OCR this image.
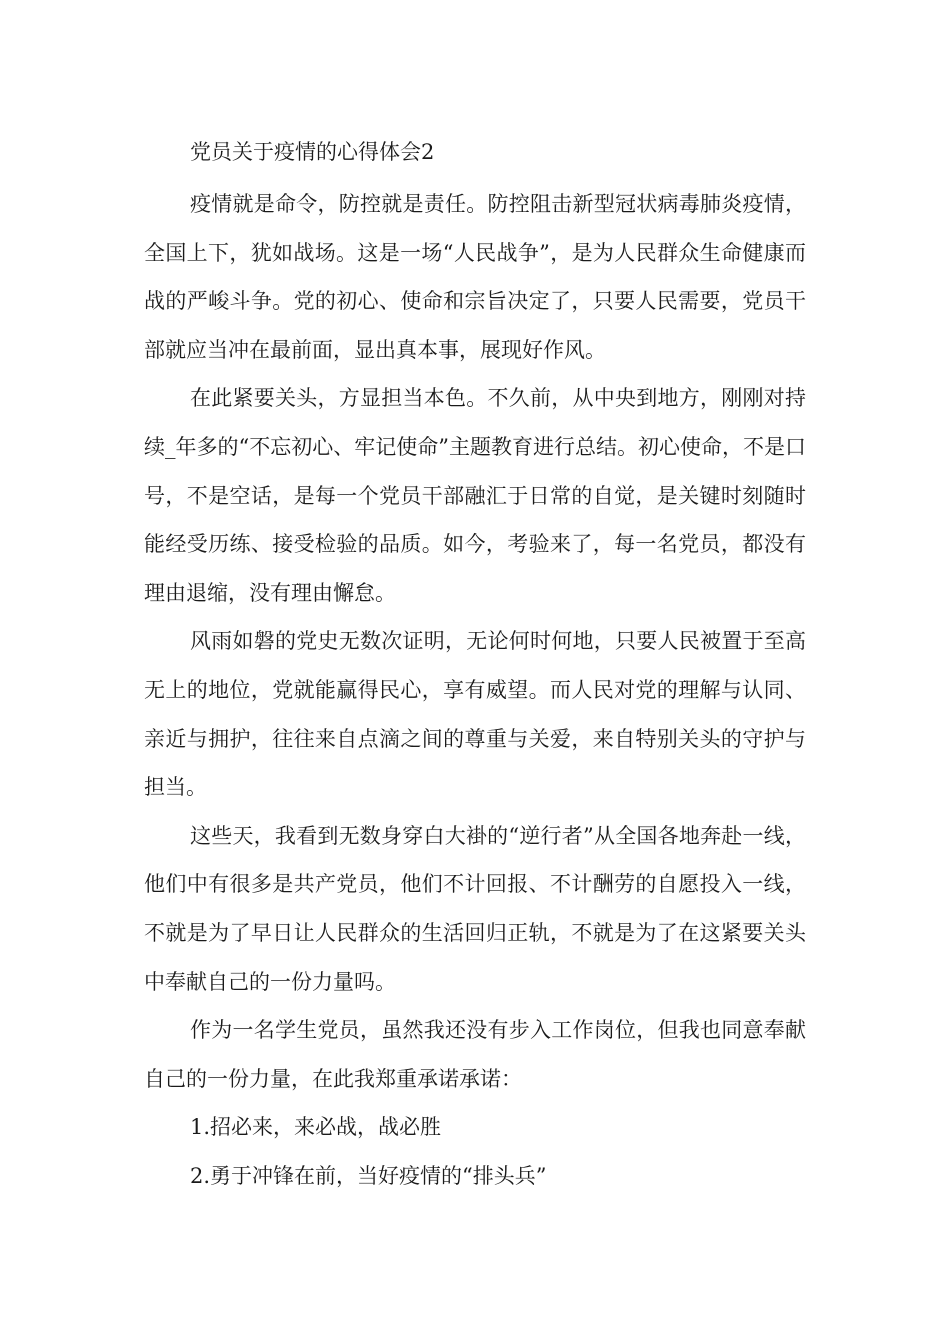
党员关于疫情的心得体会2

疫情就是命令，防控就是责任。防控阻击新型冠状病毒肺炎疫情，全国上下，犹如战场。这是一场“人民战争”，是为人民群众生命健康而战的严峻斗争。党的初心、使命和宗旨决定了，只要人民需要，党员干部就应当冲在最前面，显出真本事，展现好作风。

在此紧要关头，方显担当本色。不久前，从中央到地方，刚刚对持续_年多的“不忘初心、牢记使命”主题教育进行总结。初心使命，不是口号，不是空话，是每一个党员干部融汇于日常的自觉，是关键时刻随时能经受历练、接受检验的品质。如今，考验来了，每一名党员，都没有理由退缩，没有理由懈怠。

风雨如磐的党史无数次证明，无论何时何地，只要人民被置于至高无上的地位，党就能赢得民心，享有威望。而人民对党的理解与认同、亲近与拥护，往往来自点滴之间的尊重与关爱，来自特别关头的守护与担当。

这些天，我看到无数身穿白大褂的“逆行者”从全国各地奔赴一线，他们中有很多是共产党员，他们不计回报、不计酬劳的自愿投入一线，不就是为了早日让人民群众的生活回归正轨，不就是为了在这紧要关头中奉献自己的一份力量吗。

作为一名学生党员，虽然我还没有步入工作岗位，但我也同意奉献自己的一份力量，在此我郑重承诺承诺：

1.招必来，来必战，战必胜

2.勇于冲锋在前，当好疫情的“排头兵”
